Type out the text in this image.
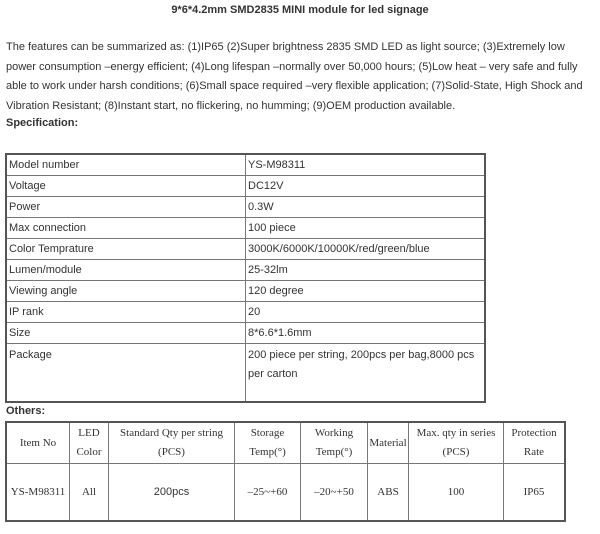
9*6*4.2mm SMD2835 MINI module for led signage
The features can be summarized as: (1)IP65 (2)Super brightness 2835 SMD LED as light source; (3)Extremely low power consumption –energy efficient; (4)Long lifespan –normally over 50,000 hours; (5)Low heat – very safe and fully able to work under harsh conditions; (6)Small space required –very flexible application; (7)Solid-State, High Shock and Vibration Resistant; (8)Instant start, no flickering, no humming; (9)OEM production available.
Specification:
Model number	YS-M98311
Voltage	DC12V
Power	0.3W
Max connection	100 piece
Color Temprature	3000K/6000K/10000K/red/green/blue
Lumen/module	25-32lm
Viewing angle	120 degree
IP rank	20
Size	8*6.6*1.6mm
Package	200 piece per string, 200pcs per bag,8000 pcs per carton
Others:
Item No	LED Color	Standard Qty per string (PCS)	Storage Temp(°)	Working Temp(°)	Material	Max. qty in series (PCS)	Protection Rate
YS-M98311	All	200pcs	–25~+60	–20~+50	ABS	100	IP65
